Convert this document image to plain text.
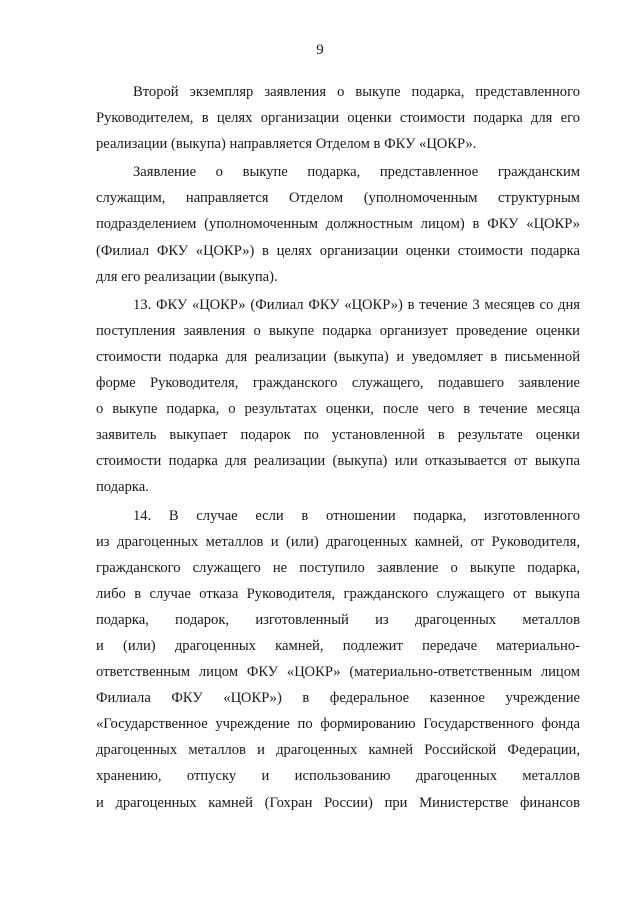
9
Второй экземпляр заявления о выкупе подарка, представленного
Руководителем, в целях организации оценки стоимости подарка для его
реализации (выкупа) направляется Отделом в ФКУ «ЦОКР».
Заявление о выкупе подарка, представленное гражданским
служащим, направляется Отделом (уполномоченным структурным
подразделением (уполномоченным должностным лицом) в ФКУ «ЦОКР»
(Филиал ФКУ «ЦОКР») в целях организации оценки стоимости подарка
для его реализации (выкупа).
13. ФКУ «ЦОКР» (Филиал ФКУ «ЦОКР») в течение 3 месяцев со дня
поступления заявления о выкупе подарка организует проведение оценки
стоимости подарка для реализации (выкупа) и уведомляет в письменной
форме Руководителя, гражданского служащего, подавшего заявление
о выкупе подарка, о результатах оценки, после чего в течение месяца
заявитель выкупает подарок по установленной в результате оценки
стоимости подарка для реализации (выкупа) или отказывается от выкупа
подарка.
14. В случае если в отношении подарка, изготовленного
из драгоценных металлов и (или) драгоценных камней, от Руководителя,
гражданского служащего не поступило заявление о выкупе подарка,
либо в случае отказа Руководителя, гражданского служащего от выкупа
подарка, подарок, изготовленный из драгоценных металлов
и (или) драгоценных камней, подлежит передаче материально-
ответственным лицом ФКУ «ЦОКР» (материально-ответственным лицом
Филиала ФКУ «ЦОКР») в федеральное казенное учреждение
«Государственное учреждение по формированию Государственного фонда
драгоценных металлов и драгоценных камней Российской Федерации,
хранению, отпуску и использованию драгоценных металлов
и драгоценных камней (Гохран России) при Министерстве финансов
